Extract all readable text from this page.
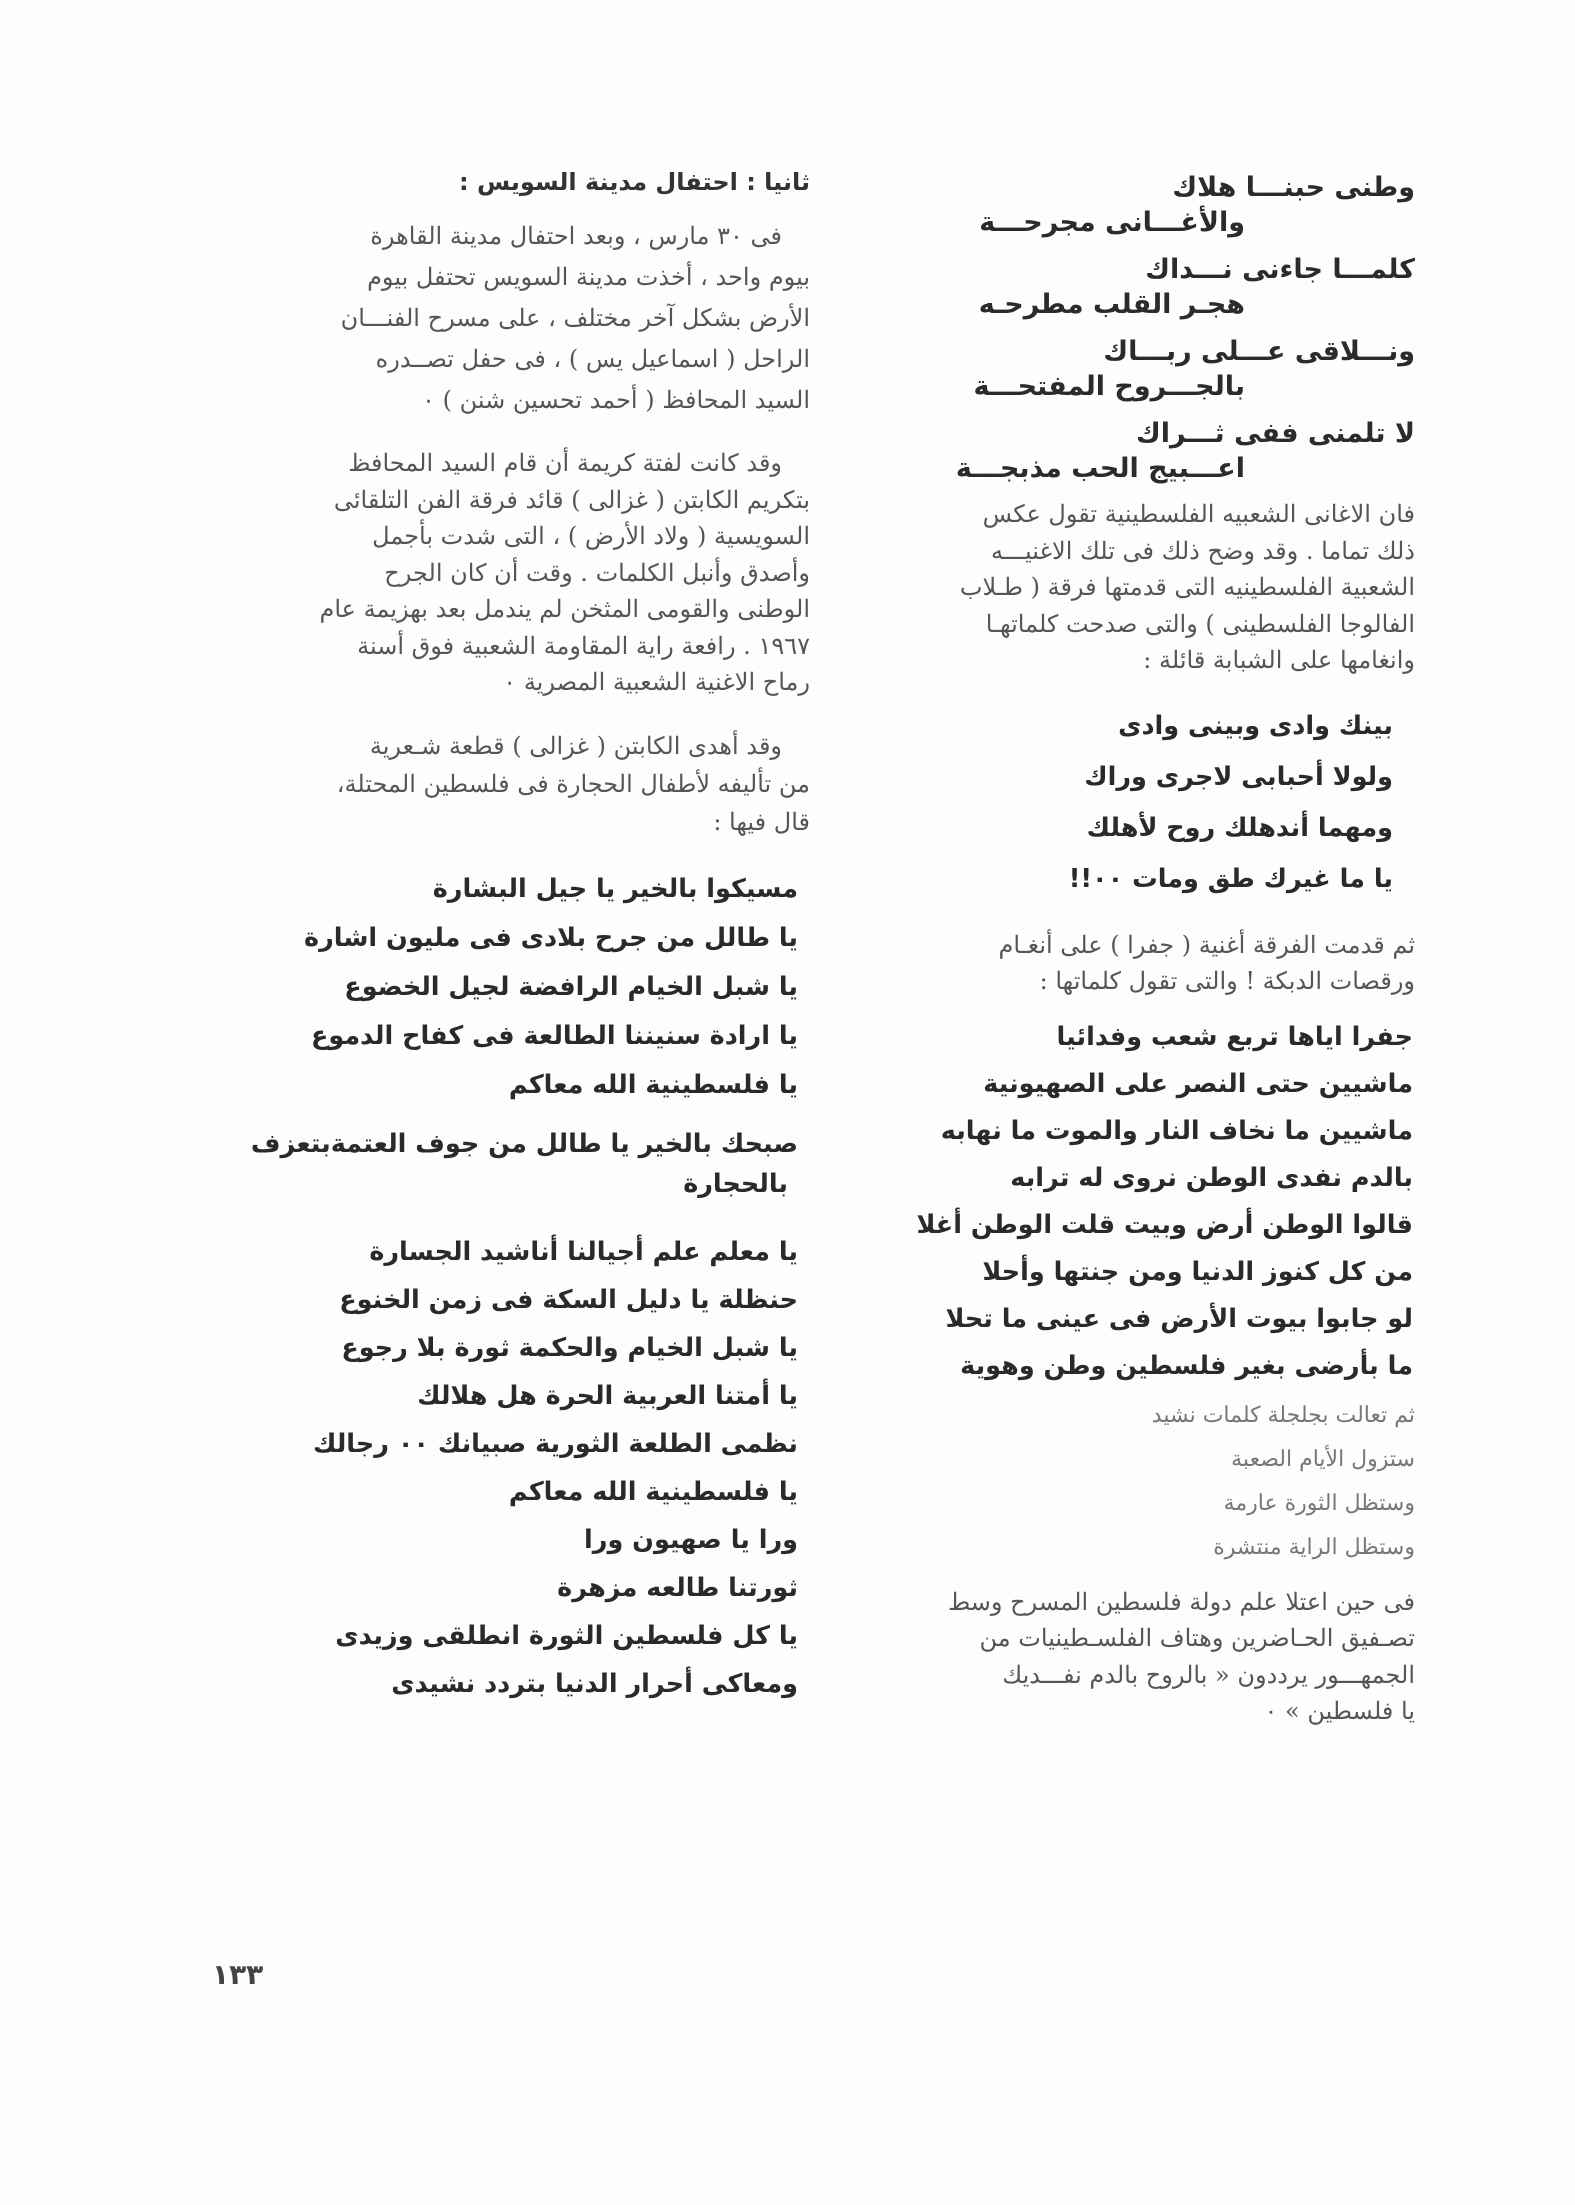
وطنى حبنـــا هلاك
والأغـــانى مجرحـــة
كلمـــا جاءنى نـــداك
هجـر القلب مطرحـه
ونـــلاقى عـــلى ربـــاك
بالجـــروح المفتحـــة
لا تلمنى ففى ثـــراك
اعـــبيج الحب مذبجـــة

فان الاغانى الشعبيه الفلسطينية تقول عكس

ذلك تماما . وقد وضح ذلك فى تلك الاغنيـــه

الشعبية الفلسطينيه التى قدمتها فرقة ( طـلاب

الفالوجا الفلسطينى ) والتى صدحت كلماتهـا

وانغامها على الشبابة قائلة :

بينك وادى وبينى وادى
ولولا أحبابى لاجرى وراك
ومهما أندهلك روح لأهلك
يا ما غيرك طق ومات ٠٠!!

ثم قدمت الفرقة أغنية ( جفرا ) على أنغـام

ورقصات الدبكة ! والتى تقول كلماتها :

جفرا اياها تربع شعب وفدائيا
ماشيين حتى النصر على الصهيونية
ماشيين ما نخاف النار والموت ما نهابه
بالدم نفدى الوطن نروى له ترابه
قالوا الوطن أرض وبيت قلت الوطن أغلا
من كل كنوز الدنيا ومن جنتها وأحلا
لو جابوا بيوت الأرض فى عينى ما تحلا
ما بأرضى بغير فلسطين وطن وهوية
ثم تعالت بجلجلة كلمات نشيد
ستزول الأيام الصعبة
وستظل الثورة عارمة
وستظل الراية منتشرة

فى حين اعتلا علم دولة فلسطين المسرح وسط

تصـفيق الحـاضرين وهتاف الفلسـطينيات من

الجمهـــور يرددون « بالروح بالدم نفـــديك

يا فلسطين » ٠

ثانيا : احتفال مدينة السويس :

فى ٣٠ مارس ، وبعد احتفال مدينة القاهرة

بيوم واحد ، أخذت مدينة السويس تحتفل بيوم

الأرض بشكل آخر مختلف ، على مسرح الفنـــان

الراحل ( اسماعيل يس ) ، فى حفل تصــدره

السيد المحافظ ( أحمد تحسين شنن ) ٠

وقد كانت لفتة كريمة أن قام السيد المحافظ

بتكريم الكابتن ( غزالى ) قائد فرقة الفن التلقائى

السويسية ( ولاد الأرض ) ، التى شدت بأجمل

وأصدق وأنبل الكلمات . وقت أن كان الجرح

الوطنى والقومى المثخن لم يندمل بعد بهزيمة عام

١٩٦٧ . رافعة راية المقاومة الشعبية فوق أسنة

رماح الاغنية الشعبية المصرية ٠

وقد أهدى الكابتن ( غزالى ) قطعة شـعرية

من تأليفه لأطفال الحجارة فى فلسطين المحتلة،

قال فيها :

مسيكوا بالخير يا جيل البشارة
يا طالل من جرح بلادى فى مليون اشارة
يا شبل الخيام الرافضة لجيل الخضوع
يا ارادة سنيننا الطالعة فى كفاح الدموع
يا فلسطينية الله معاكم
صبحك بالخير يا طالل من جوف العتمةبتعزف
بالحجارة
يا معلم علم أجيالنا أناشيد الجسارة
حنظلة يا دليل السكة فى زمن الخنوع
يا شبل الخيام والحكمة ثورة بلا رجوع
يا أمتنا العربية الحرة هل هلالك
نظمى الطلعة الثورية صبيانك ٠٠ رجالك
يا فلسطينية الله معاكم
ورا يا صهيون ورا
ثورتنا طالعه مزهرة
يا كل فلسطين الثورة انطلقى وزيدى
ومعاكى أحرار الدنيا بتردد نشيدى
١٣٣
